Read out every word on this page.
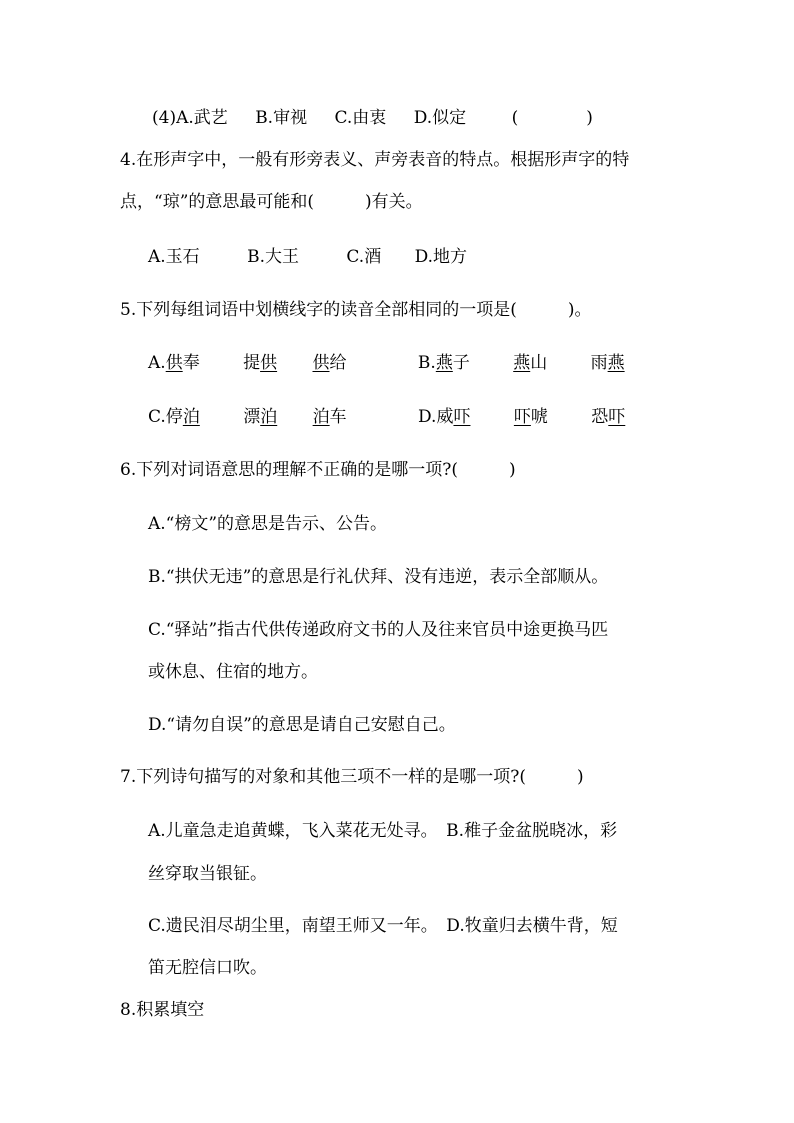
(4)A.武艺 B.审视 C.由衷 D.似定	(　　　　)
4.在形声字中，一般有形旁表义、声旁表音的特点。根据形声字的特
点，“琼”的意思最可能和(　　　)有关。
A.玉石	B.大王	C.酒 D.地方
5.下列每组词语中划横线字的读音全部相同的一项是(　　　)。
A.供奉	提供 供给	B.燕子	燕山	雨燕
C.停泊	漂泊 泊车	D.威吓	吓唬	恐吓
6.下列对词语意思的理解不正确的是哪一项?(　　　)
A.“榜文”的意思是告示、公告。
B.“拱伏无违”的意思是行礼伏拜、没有违逆，表示全部顺从。
C.“驿站”指古代供传递政府文书的人及往来官员中途更换马匹
或休息、住宿的地方。
D.“请勿自误”的意思是请自己安慰自己。
7.下列诗句描写的对象和其他三项不一样的是哪一项?(　　　)
A.儿童急走追黄蝶，飞入菜花无处寻。　B.稚子金盆脱晓冰，彩
丝穿取当银钲。
C.遗民泪尽胡尘里，南望王师又一年。　D.牧童归去横牛背，短
笛无腔信口吹。
8.积累填空
